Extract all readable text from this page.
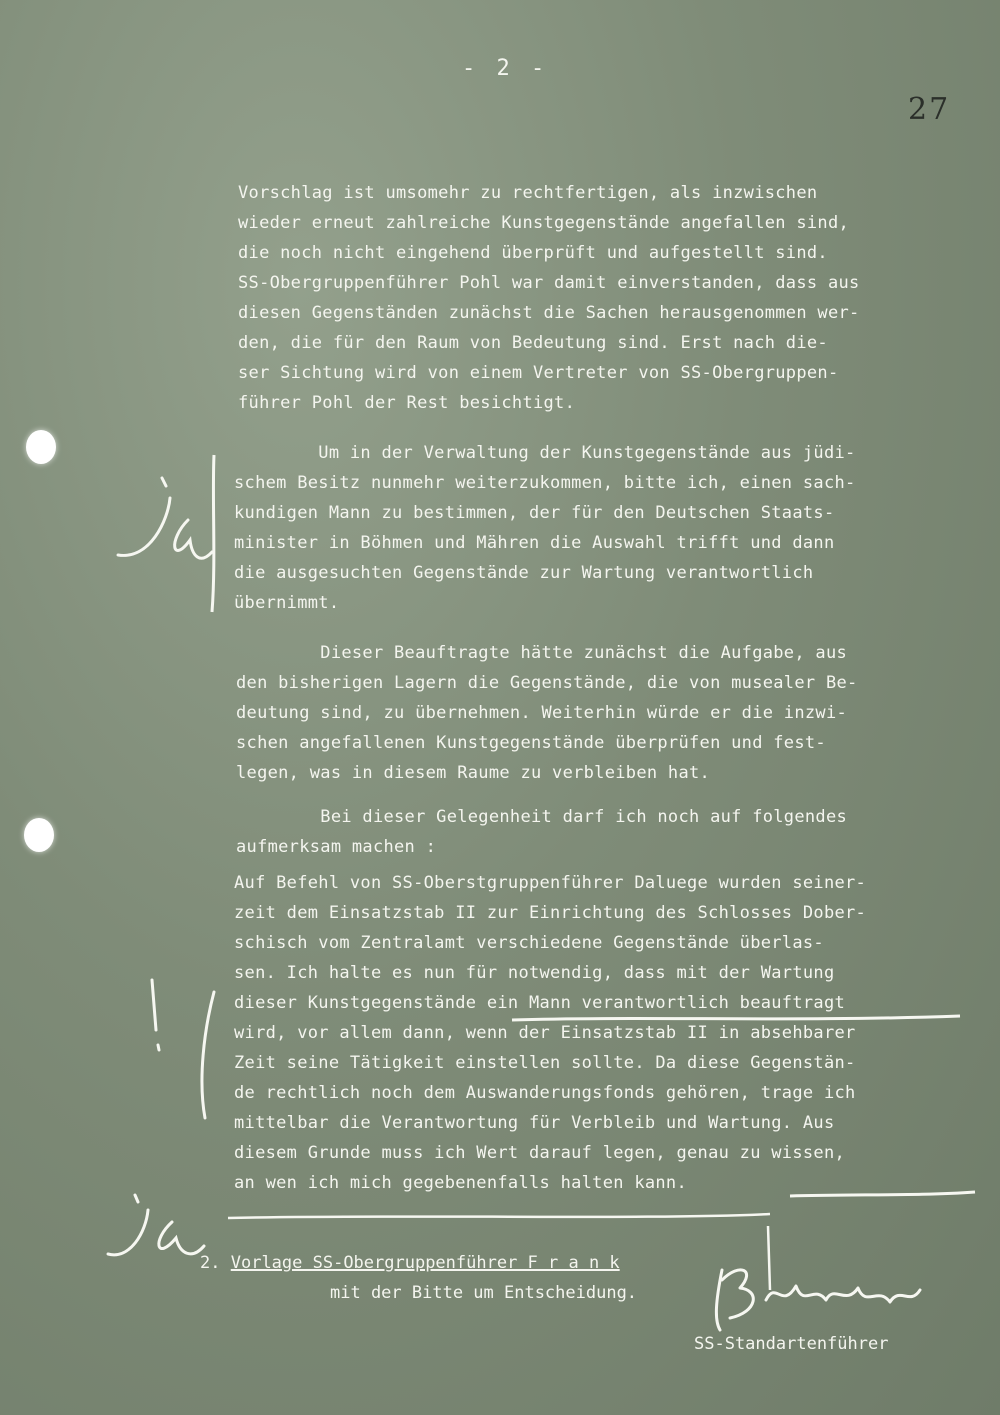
- 2 -
27
Vorschlag ist umsomehr zu rechtfertigen, als inzwischen
wieder erneut zahlreiche Kunstgegenstände angefallen sind,
die noch nicht eingehend überprüft und aufgestellt sind.
SS-Obergruppenführer Pohl war damit einverstanden, dass aus
diesen Gegenständen zunächst die Sachen herausgenommen wer-
den, die für den Raum von Bedeutung sind. Erst nach die-
ser Sichtung wird von einem Vertreter von SS-Obergruppen-
führer Pohl der Rest besichtigt.
Um in der Verwaltung der Kunstgegenstände aus jüdi-
schem Besitz nunmehr weiterzukommen, bitte ich, einen sach-
kundigen Mann zu bestimmen, der für den Deutschen Staats-
minister in Böhmen und Mähren die Auswahl trifft und dann
die ausgesuchten Gegenstände zur Wartung verantwortlich
übernimmt.
Dieser Beauftragte hätte zunächst die Aufgabe, aus
den bisherigen Lagern die Gegenstände, die von musealer Be-
deutung sind, zu übernehmen. Weiterhin würde er die inzwi-
schen angefallenen Kunstgegenstände überprüfen und fest-
legen, was in diesem Raume zu verbleiben hat.
Bei dieser Gelegenheit darf ich noch auf folgendes
aufmerksam machen :
Auf Befehl von SS-Oberstgruppenführer Daluege wurden seiner-
zeit dem Einsatzstab II zur Einrichtung des Schlosses Dober-
schisch vom Zentralamt verschiedene Gegenstände überlas-
sen. Ich halte es nun für notwendig, dass mit der Wartung
dieser Kunstgegenstände ein Mann verantwortlich beauftragt
wird, vor allem dann, wenn der Einsatzstab II in absehbarer
Zeit seine Tätigkeit einstellen sollte. Da diese Gegenstän-
de rechtlich noch dem Auswanderungsfonds gehören, trage ich
mittelbar die Verantwortung für Verbleib und Wartung. Aus
diesem Grunde muss ich Wert darauf legen, genau zu wissen,
an wen ich mich gegebenenfalls halten kann.
2. Vorlage SS-Obergruppenführer F r a n k
mit der Bitte um Entscheidung.
SS-Standartenführer
